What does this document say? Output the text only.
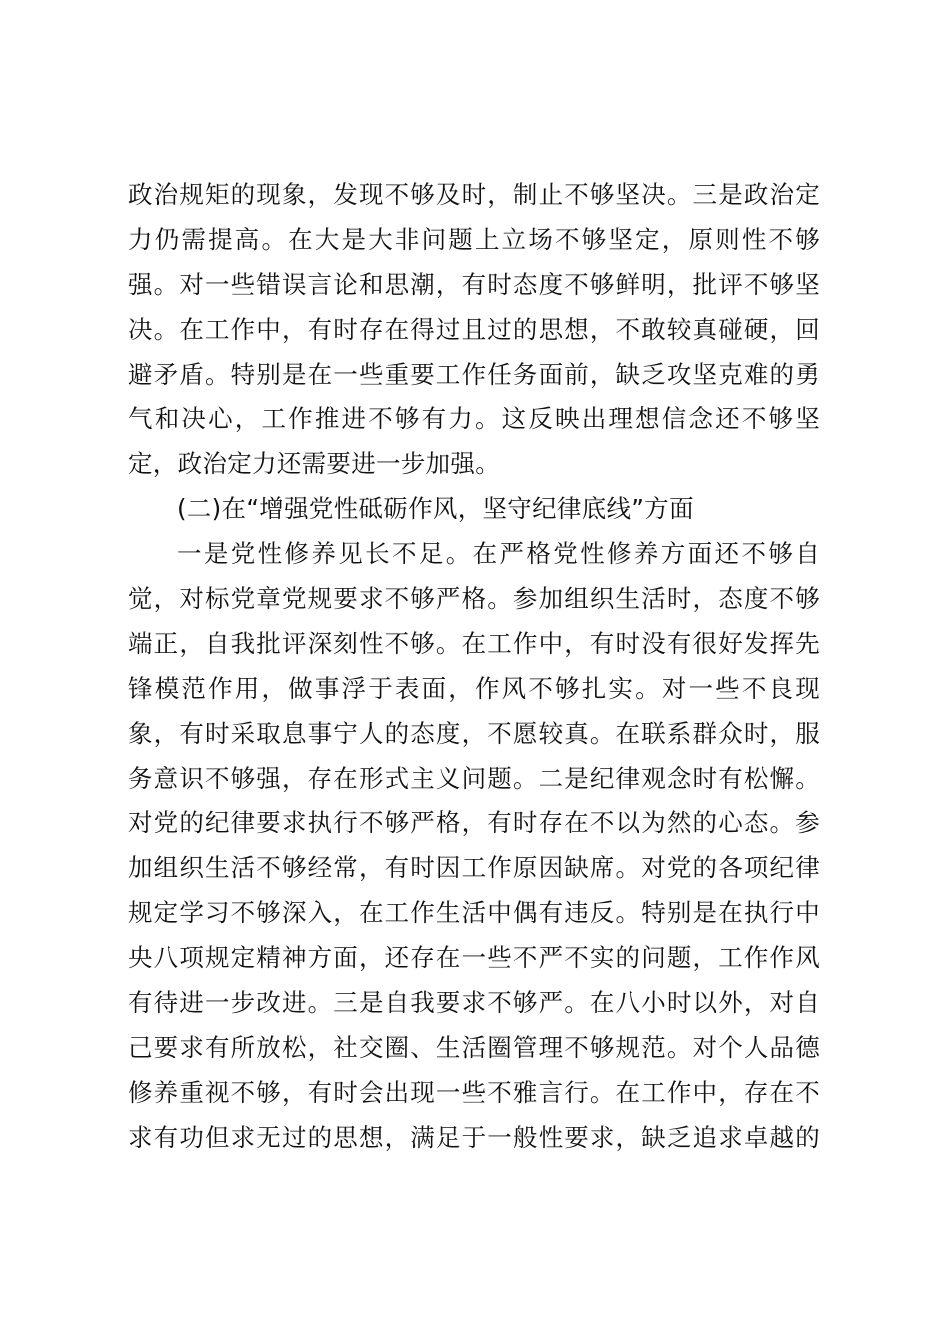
政治规矩的现象，发现不够及时，制止不够坚决。三是政治定
力仍需提高。在大是大非问题上立场不够坚定，原则性不够
强。对一些错误言论和思潮，有时态度不够鲜明，批评不够坚
决。在工作中，有时存在得过且过的思想，不敢较真碰硬，回
避矛盾。特别是在一些重要工作任务面前，缺乏攻坚克难的勇
气和决心，工作推进不够有力。这反映出理想信念还不够坚
定，政治定力还需要进一步加强。
(二)在“增强党性砥砺作风，坚守纪律底线”方面
一是党性修养见长不足。在严格党性修养方面还不够自
觉，对标党章党规要求不够严格。参加组织生活时，态度不够
端正，自我批评深刻性不够。在工作中，有时没有很好发挥先
锋模范作用，做事浮于表面，作风不够扎实。对一些不良现
象，有时采取息事宁人的态度，不愿较真。在联系群众时，服
务意识不够强，存在形式主义问题。二是纪律观念时有松懈。
对党的纪律要求执行不够严格，有时存在不以为然的心态。参
加组织生活不够经常，有时因工作原因缺席。对党的各项纪律
规定学习不够深入，在工作生活中偶有违反。特别是在执行中
央八项规定精神方面，还存在一些不严不实的问题，工作作风
有待进一步改进。三是自我要求不够严。在八小时以外，对自
己要求有所放松，社交圈、生活圈管理不够规范。对个人品德
修养重视不够，有时会出现一些不雅言行。在工作中，存在不
求有功但求无过的思想，满足于一般性要求，缺乏追求卓越的
